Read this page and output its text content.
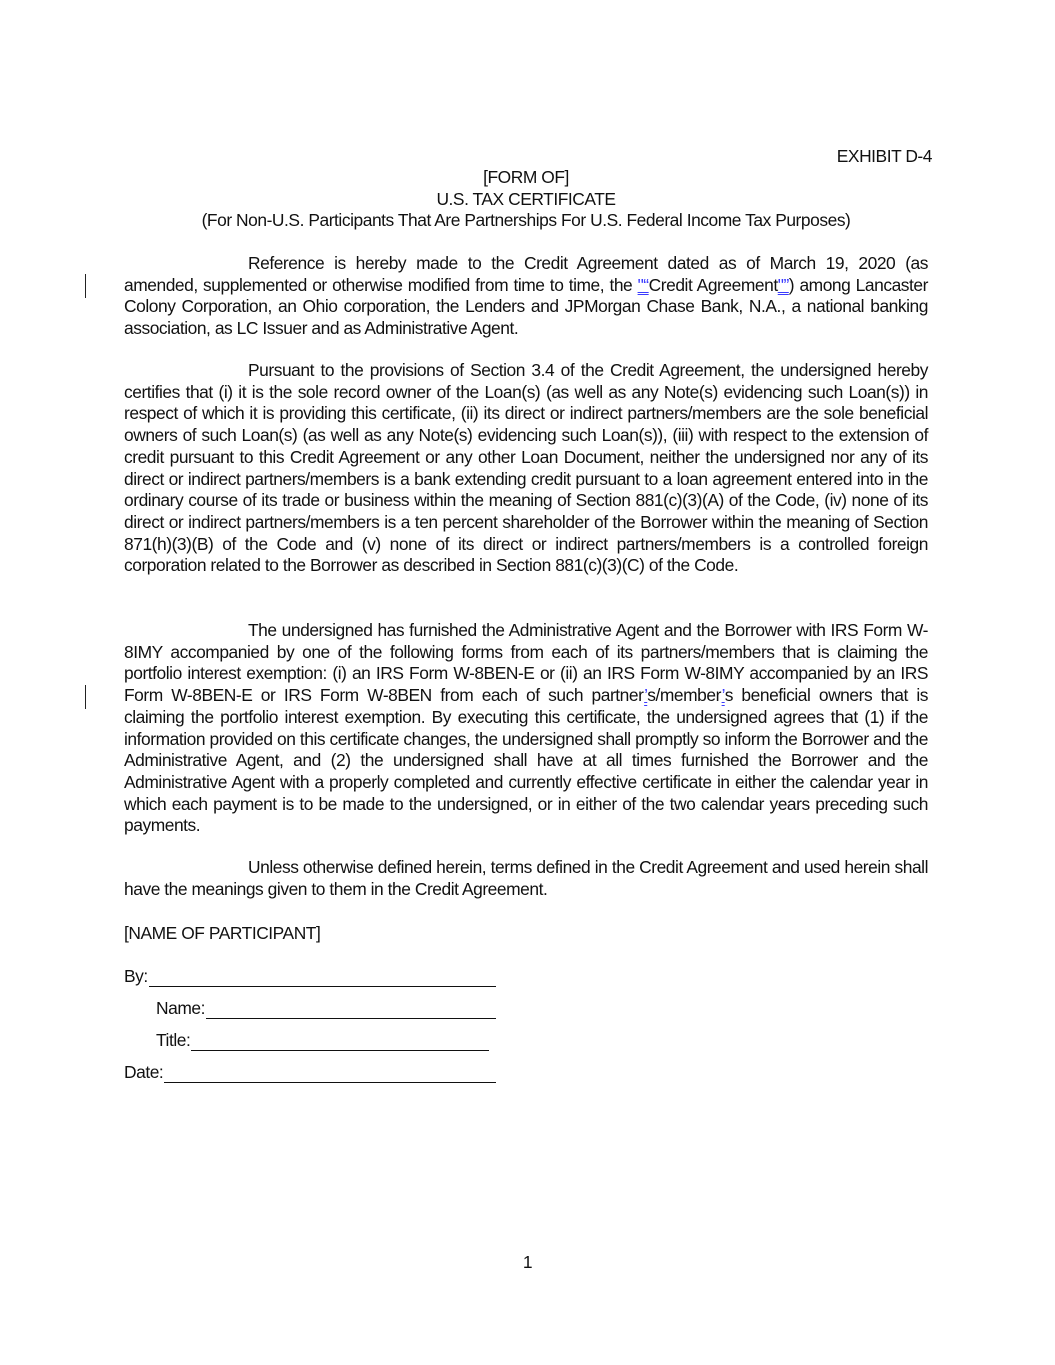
EXHIBIT D-4
[FORM OF]
U.S. TAX CERTIFICATE
(For Non-U.S. Participants That Are Partnerships For U.S. Federal Income Tax Purposes)

Reference is hereby made to the Credit Agreement dated as of March 19, 2020 (as amended, supplemented or otherwise modified from time to time, the "“Credit Agreement"”) among Lancaster Colony Corporation, an Ohio corporation, the Lenders and JPMorgan Chase Bank, N.A., a national banking association, as LC Issuer and as Administrative Agent.

Pursuant to the provisions of Section 3.4 of the Credit Agreement, the undersigned hereby certifies that (i) it is the sole record owner of the Loan(s) (as well as any Note(s) evidencing such Loan(s)) in respect of which it is providing this certificate, (ii) its direct or indirect partners/members are the sole beneficial owners of such Loan(s) (as well as any Note(s) evidencing such Loan(s)), (iii) with respect to the extension of credit pursuant to this Credit Agreement or any other Loan Document, neither the undersigned nor any of its direct or indirect partners/members is a bank extending credit pursuant to a loan agreement entered into in the ordinary course of its trade or business within the meaning of Section 881(c)(3)(A) of the Code, (iv) none of its direct or indirect partners/members is a ten percent shareholder of the Borrower within the meaning of Section 871(h)(3)(B) of the Code and (v) none of its direct or indirect partners/members is a controlled foreign corporation related to the Borrower as described in Section 881(c)(3)(C) of the Code.

The undersigned has furnished the Administrative Agent and the Borrower with IRS Form W-8IMY accompanied by one of the following forms from each of its partners/members that is claiming the portfolio interest exemption: (i) an IRS Form W-8BEN-E or (ii) an IRS Form W-8IMY accompanied by an IRS Form W-8BEN-E or IRS Form W-8BEN from each of such partner’s/member’s beneficial owners that is claiming the portfolio interest exemption. By executing this certificate, the undersigned agrees that (1) if the information provided on this certificate changes, the undersigned shall promptly so inform the Borrower and the Administrative Agent, and (2) the undersigned shall have at all times furnished the Borrower and the Administrative Agent with a properly completed and currently effective certificate in either the calendar year in which each payment is to be made to the undersigned, or in either of the two calendar years preceding such payments.

Unless otherwise defined herein, terms defined in the Credit Agreement and used herein shall have the meanings given to them in the Credit Agreement.

[NAME OF PARTICIPANT]
By:
Name:
Title:
Date:
1
